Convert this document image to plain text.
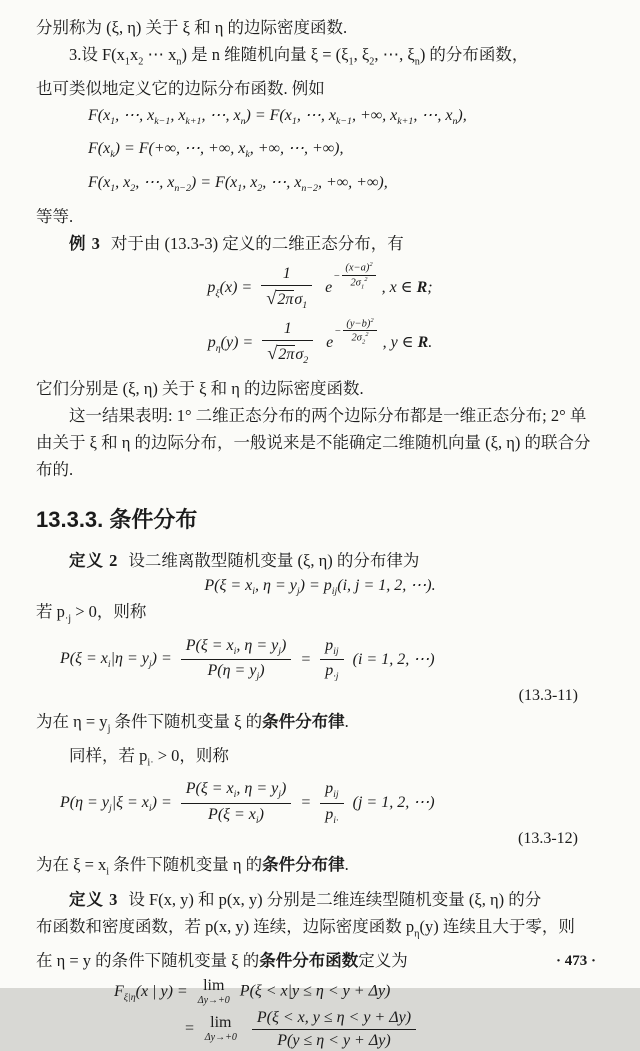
分别称为 (ξ, η) 关于 ξ 和 η 的边际密度函数.

3.设 $F(x_1x_2$ ⋯ $x_n$) 是 n 维随机向量 $\xi = (\xi_1$, $\xi_2$, ⋯, $\xi_n$) 的分布函数，

也可类似地定义它的边际分布函数. 例如

$F(x_1$, ⋯, $x_{k-1}$, $x_{k+1}$, ⋯, $x_n) = F(x_1$, ⋯, $x_{k-1}$, +∞, $x_{k+1}$, ⋯, $x_n$),
$F(x_k) = F(+\infty$, ⋯, +∞, $x_k$, +∞, ⋯, +∞),
$F(x_1$, $x_2$, ⋯, $x_{n-2}) = F(x_1$, $x_2$, ⋯, $x_{n-2}$, +∞, +∞),

等等.

例 3 对于由 (13.3-3) 定义的二维正态分布，有

$p_\xi(x) = \frac{1}{√2\pi\sigma_1}$ e
− $\frac{(x-a)^2}{2\sigma_1^2}$ , x ∈ R;
$p_\eta(y) = \frac{1}{√2\pi\sigma_2}$ e
− $\frac{(y-b)^2}{2\sigma_2^2}$ , y ∈ R.

它们分别是 (ξ, η) 关于 ξ 和 η 的边际密度函数.

这一结果表明: 1° 二维正态分布的两个边际分布都是一维正态分布; 2° 单

由关于 ξ 和 η 的边际分布，一般说来是不能确定二维随机向量 (ξ, η) 的联合分

布的.

13.3.3. 条件分布

定义 2 设二维离散型随机变量 (ξ, η) 的分布律为

$P(\xi = x_i$, $\eta = y_j) = p_{ij}(i$, j = 1, 2, ⋯).

若 $p_{\cdot j} > 0$，则称

$P(\xi = x_i|\eta = y_j) = \frac{P(\xi = x_i, \eta = y_j)}{P(\eta = y_j)} = \frac{p_{ij}}{p_{\cdot j}} (i = 1$, 2, ⋯)
(13.3-11)

为在 $\eta = y_j$ 条件下随机变量 ξ 的条件分布律.

同样，若 $p_{i\cdot} > 0$，则称

$P(\eta = y_j|\xi = x_i) = \frac{P(\xi = x_i, \eta = y_j)}{P(\xi = x_i)} = \frac{p_{ij}}{p_{i\cdot}} (j = 1$, 2, ⋯)
(13.3-12)

为在 $\xi = x_i$ 条件下随机变量 η 的条件分布律.

定义 3 设 F(x, y) 和 p(x, y) 分别是二维连续型随机变量 (ξ, η) 的分

布函数和密度函数，若 p(x, y) 连续，边际密度函数 $p_\eta(y)$ 连续且大于零，则

在 η = y 的条件下随机变量 ξ 的条件分布函数定义为

$F_{\xi|\eta}(x$ | y) = lim
Δy→+0
P(ξ < x|y ≤ η < y + Δy)
= lim
Δy→+0
$\frac{P(\xi < x, y \le \eta < y + \Delta y)}{P(y \le \eta < y + \Delta y)}$
· 473 ·
